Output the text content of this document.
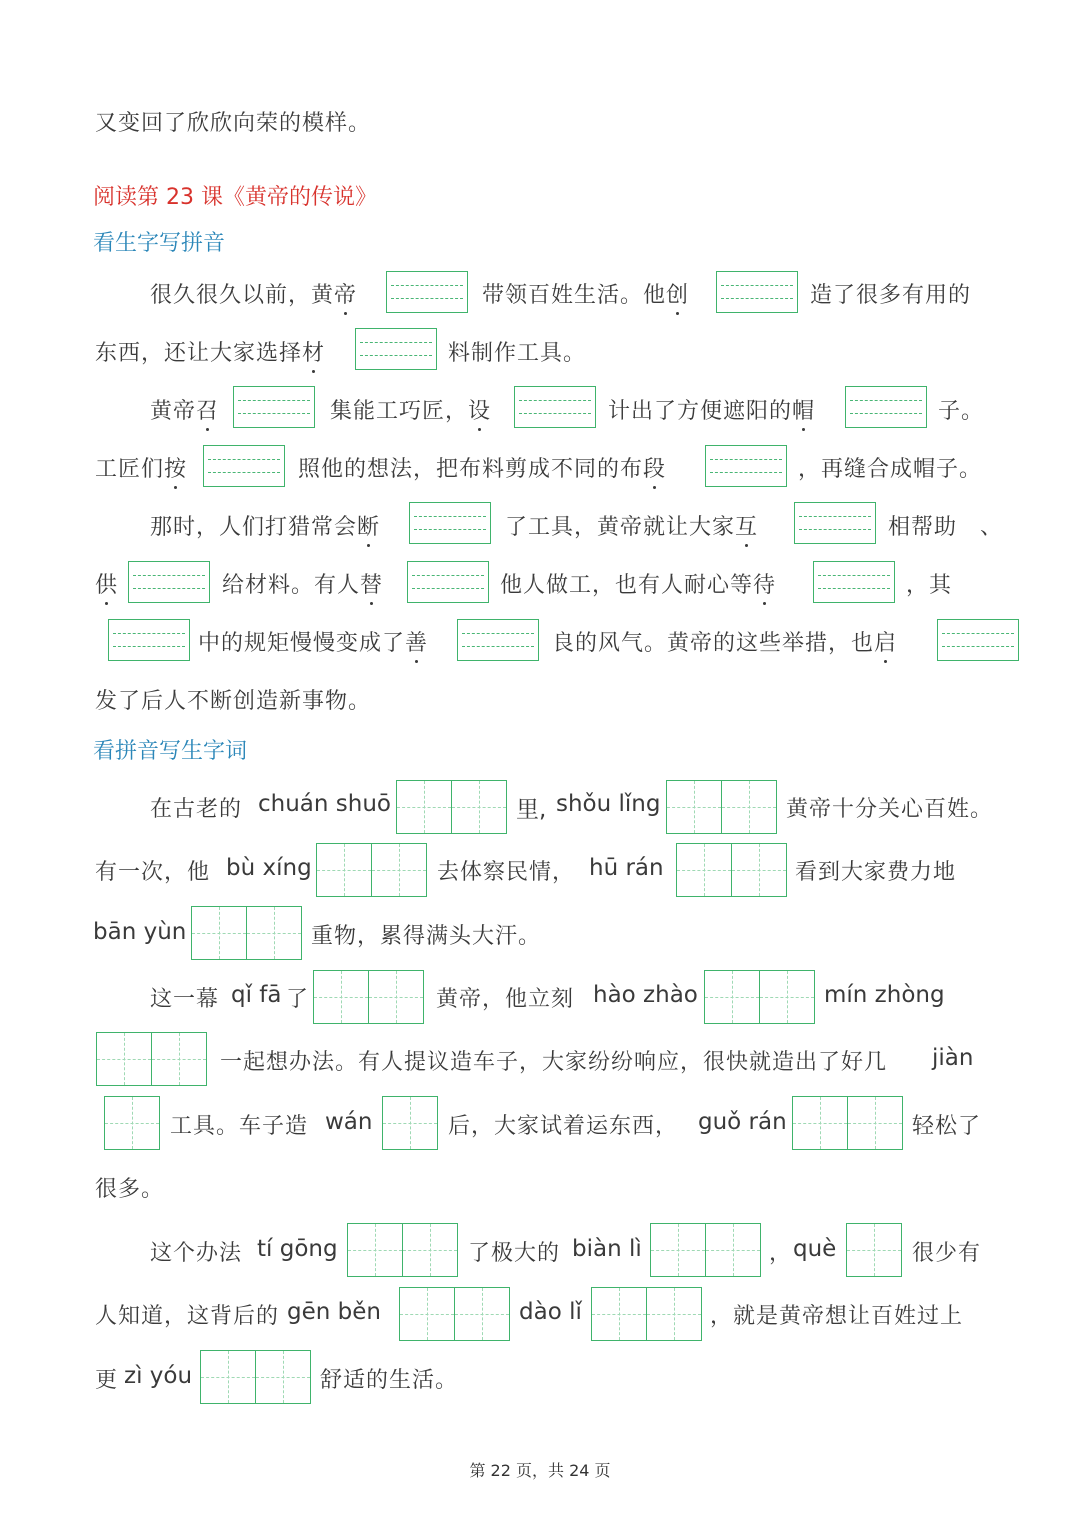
又变回了欣欣向荣的模样。
阅读第 23 课《黄帝的传说》
看生字写拼音
很久很久以前，黄帝	带领百姓生活。他创	造了很多有用的
东西，还让大家选择材	料制作工具。
黄帝召	集能工巧匠，设	计出了方便遮阳的帽	子。
工匠们按	照他的想法，把布料剪成不同的布段	，再缝合成帽子。
那时，人们打猎常会断	了工具，黄帝就让大家互	相帮助　、
供	给材料。有人替	他人做工，也有人耐心等待	，其
中的规矩慢慢变成了善	良的风气。黄帝的这些举措，也启
发了后人不断创造新事物。
看拼音写生字词
在古老的 chuán shuō	里, shǒu lǐng	黄帝十分关心百姓。
有一次，他 bù xíng	去体察民情， hū rán	看到大家费力地
bān yùn	重物，累得满头大汗。
这一幕 qǐ fā 了	黄帝，他立刻 hào zhào	mín zhòng
一起想办法。有人提议造车子，大家纷纷响应，很快就造出了好几 jiàn
工具。车子造 wán	后，大家试着运东西， guǒ rán	轻松了
很多。
这个办法 tí gōng	了极大的 biàn lì	， què	很少有
人知道，这背后的 gēn běn	dào lǐ	，就是黄帝想让百姓过上
更 zì yóu	舒适的生活。
第 22 页，共 24 页
